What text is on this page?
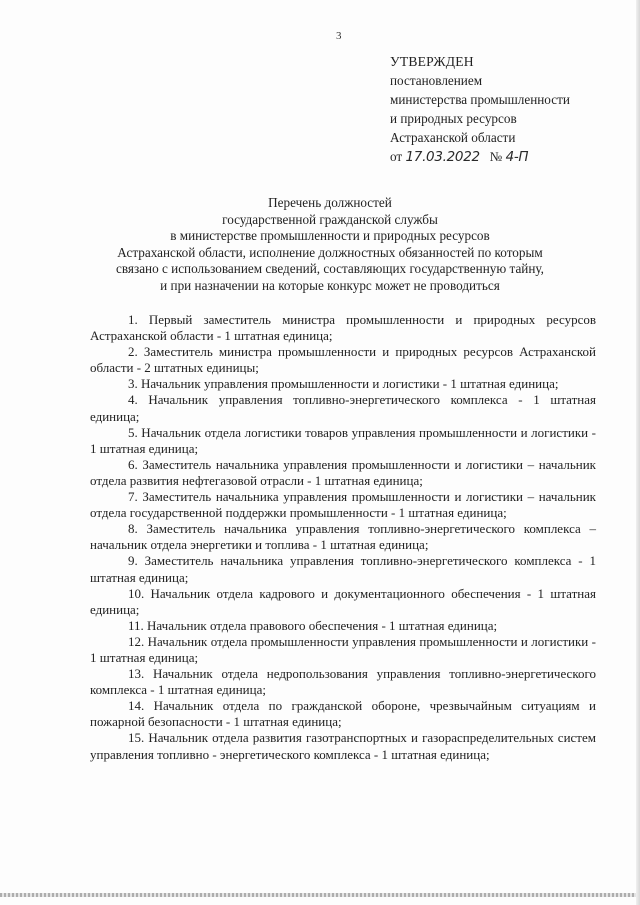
3
УТВЕРЖДЕН
постановлением
министерства промышленности
и природных ресурсов
Астраханской области
от 17.03.2022 № 4-П
Перечень должностей
государственной гражданской службы
в министерстве промышленности и природных ресурсов
Астраханской области, исполнение должностных обязанностей по которым
связано с использованием сведений, составляющих государственную тайну,
и при назначении на которые конкурс может не проводиться

1. Первый заместитель министра промышленности и природных ресурсов Астраханской области - 1 штатная единица;

2. Заместитель министра промышленности и природных ресурсов Астраханской области - 2 штатных единицы;

3. Начальник управления промышленности и логистики - 1 штатная единица;

4. Начальник управления топливно-энергетического комплекса - 1 штатная единица;

5. Начальник отдела логистики товаров управления промышленности и логистики - 1 штатная единица;

6. Заместитель начальника управления промышленности и логистики – начальник отдела развития нефтегазовой отрасли - 1 штатная единица;

7. Заместитель начальника управления промышленности и логистики – начальник отдела государственной поддержки промышленности - 1 штатная единица;

8. Заместитель начальника управления топливно-энергетического комплекса – начальник отдела энергетики и топлива - 1 штатная единица;

9. Заместитель начальника управления топливно-энергетического комплекса - 1 штатная единица;

10. Начальник отдела кадрового и документационного обеспечения - 1 штатная единица;

11. Начальник отдела правового обеспечения - 1 штатная единица;

12. Начальник отдела промышленности управления промышленности и логистики - 1 штатная единица;

13. Начальник отдела недропользования управления топливно-энергетического комплекса - 1 штатная единица;

14. Начальник отдела по гражданской обороне, чрезвычайным ситуациям и пожарной безопасности - 1 штатная единица;

15. Начальник отдела развития газотранспортных и газораспределительных систем управления топливно - энергетического комплекса - 1 штатная единица;
